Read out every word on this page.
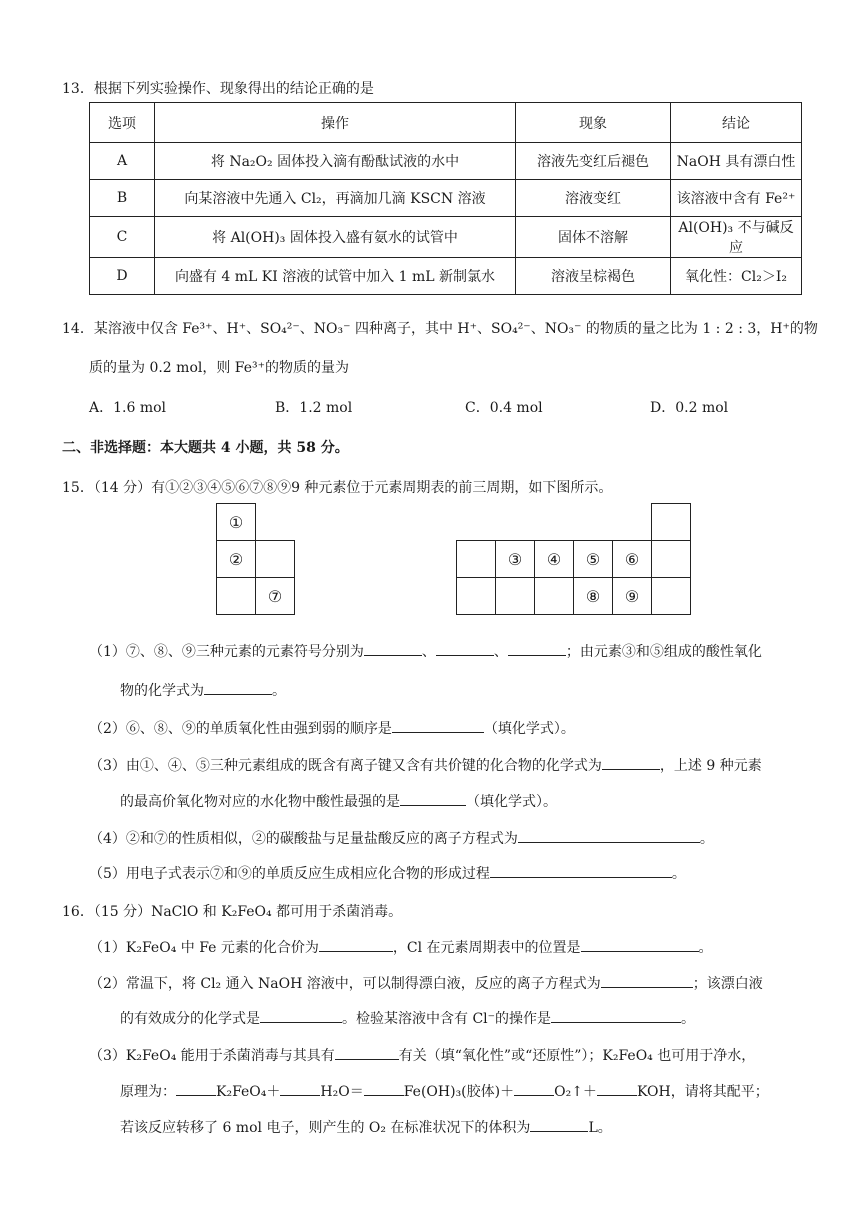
13．根据下列实验操作、现象得出的结论正确的是
选项	操作	现象	结论
A	将 Na₂O₂ 固体投入滴有酚酞试液的水中	溶液先变红后褪色	NaOH 具有漂白性
B	向某溶液中先通入 Cl₂，再滴加几滴 KSCN 溶液	溶液变红	该溶液中含有 Fe²⁺
C	将 Al(OH)₃ 固体投入盛有氨水的试管中	固体不溶解	Al(OH)₃ 不与碱反应
D	向盛有 4 mL KI 溶液的试管中加入 1 mL 新制氯水	溶液呈棕褐色	氧化性：Cl₂＞I₂
14．某溶液中仅含 Fe³⁺、H⁺、SO₄²⁻、NO₃⁻ 四种离子，其中 H⁺、SO₄²⁻、NO₃⁻ 的物质的量之比为 1 : 2 : 3，H⁺的物
质的量为 0.2 mol，则 Fe³⁺的物质的量为
A．1.6 mol	B．1.2 mol	C．0.4 mol	D．0.2 mol
二、非选择题：本大题共 4 小题，共 58 分。
15．（14 分）有①②③④⑤⑥⑦⑧⑨9 种元素位于元素周期表的前三周期，如下图所示。
①	
②	
	⑦

	③	④	⑤	⑥	
			⑧	⑨	
（1）⑦、⑧、⑨三种元素的元素符号分别为	、	、	；由元素③和⑤组成的酸性氧化
物的化学式为	。
（2）⑥、⑧、⑨的单质氧化性由强到弱的顺序是	（填化学式）。
（3）由①、④、⑤三种元素组成的既含有离子键又含有共价键的化合物的化学式为	，上述 9 种元素
的最高价氧化物对应的水化物中酸性最强的是	（填化学式）。
（4）②和⑦的性质相似，②的碳酸盐与足量盐酸反应的离子方程式为	。
（5）用电子式表示⑦和⑨的单质反应生成相应化合物的形成过程	。
16．（15 分）NaClO 和 K₂FeO₄ 都可用于杀菌消毒。
（1）K₂FeO₄ 中 Fe 元素的化合价为	，Cl 在元素周期表中的位置是	。
（2）常温下，将 Cl₂ 通入 NaOH 溶液中，可以制得漂白液，反应的离子方程式为	；该漂白液
的有效成分的化学式是	。检验某溶液中含有 Cl⁻的操作是	。
（3）K₂FeO₄ 能用于杀菌消毒与其具有	有关（填“氧化性”或“还原性”）；K₂FeO₄ 也可用于净水，
原理为：	K₂FeO₄＋	H₂O＝	Fe(OH)₃(胶体)＋	O₂↑＋	KOH，请将其配平；
若该反应转移了 6 mol 电子，则产生的 O₂ 在标准状况下的体积为	L。
